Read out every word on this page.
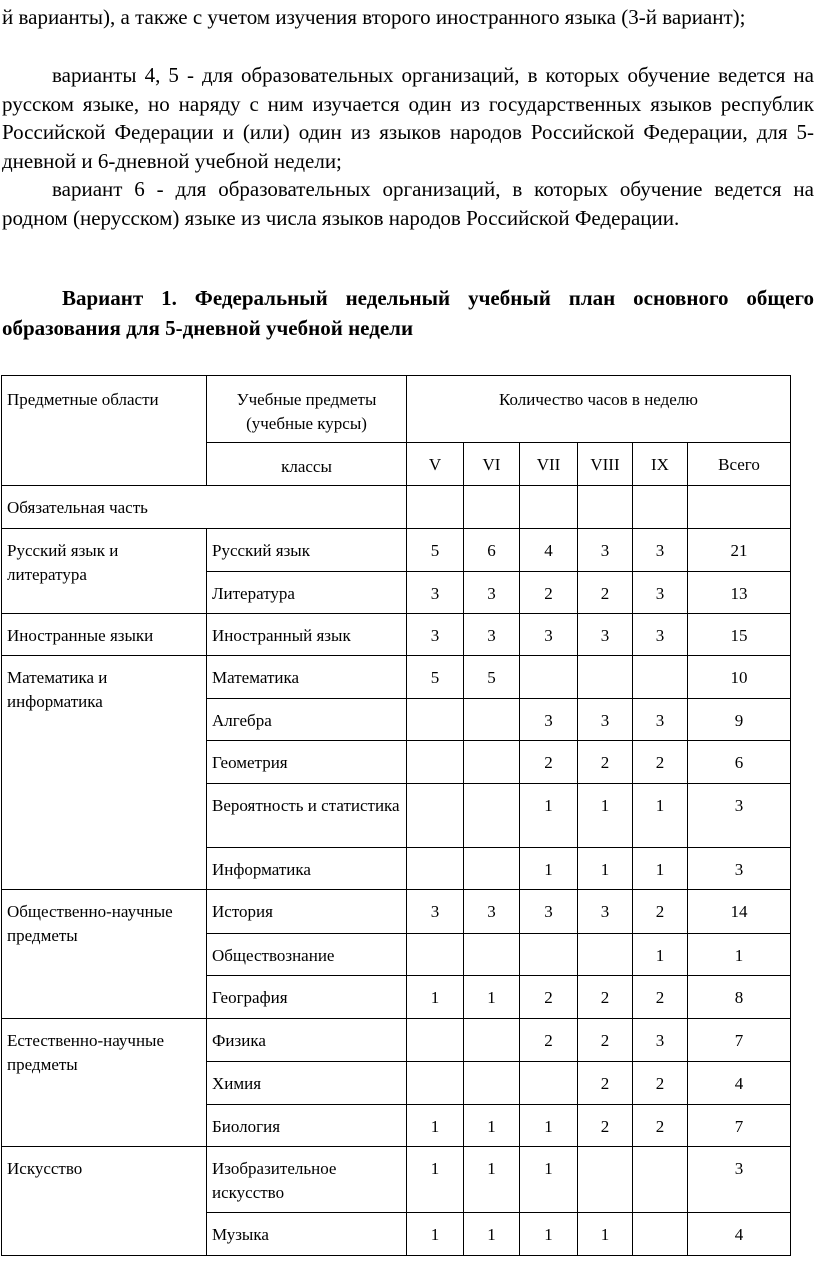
й варианты), а также с учетом изучения второго иностранного языка (3-й вариант);

варианты 4, 5 - для образовательных организаций, в которых обучение ведется на русском языке, но наряду с ним изучается один из государственных языков республик Российской Федерации и (или) один из языков народов Российской Федерации, для 5-дневной и 6-дневной учебной недели;

вариант 6 - для образовательных организаций, в которых обучение ведется на родном (нерусском) языке из числа языков народов Российской Федерации.

Вариант 1. Федеральный недельный учебный план основного общего образования для 5-дневной учебной недели

Предметные области	Учебные предметы (учебные курсы)	Количество часов в неделю					
	классы	V	VI	VII	VIII	IX	Всего
Обязательная часть							
Русский язык и литература	Русский язык	5	6	4	3	3	21
	Литература	3	3	2	2	3	13
Иностранные языки	Иностранный язык	3	3	3	3	3	15
Математика и информатика	Математика	5	5				10
	Алгебра			3	3	3	9
	Геометрия			2	2	2	6
	Вероятность и статистика			1	1	1	3
	Информатика			1	1	1	3
Общественно-научные предметы	История	3	3	3	3	2	14
	Обществознание					1	1
	География	1	1	2	2	2	8
Естественно-научные предметы	Физика			2	2	3	7
	Химия				2	2	4
	Биология	1	1	1	2	2	7
Искусство	Изобразительное искусство	1	1	1			3
	Музыка	1	1	1	1		4
